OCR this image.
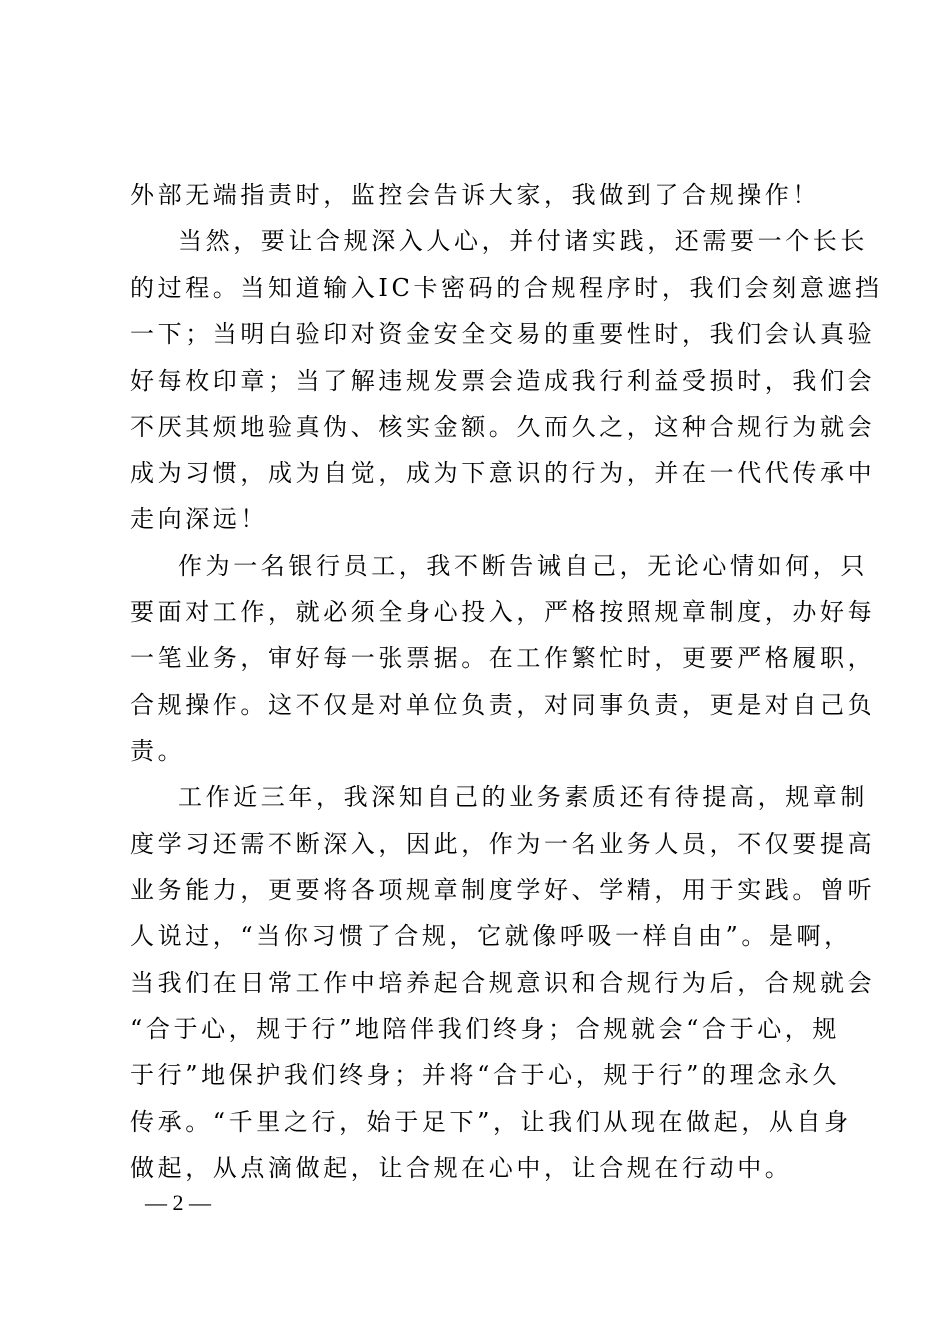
外部无端指责时，监控会告诉大家，我做到了合规操作！
当然，要让合规深入人心，并付诸实践，还需要一个长长
的过程。当知道输入IC卡密码的合规程序时，我们会刻意遮挡
一下；当明白验印对资金安全交易的重要性时，我们会认真验
好每枚印章；当了解违规发票会造成我行利益受损时，我们会
不厌其烦地验真伪、核实金额。久而久之，这种合规行为就会
成为习惯，成为自觉，成为下意识的行为，并在一代代传承中
走向深远！
作为一名银行员工，我不断告诫自己，无论心情如何，只
要面对工作，就必须全身心投入，严格按照规章制度，办好每
一笔业务，审好每一张票据。在工作繁忙时，更要严格履职，
合规操作。这不仅是对单位负责，对同事负责，更是对自己负
责。
工作近三年，我深知自己的业务素质还有待提高，规章制
度学习还需不断深入，因此，作为一名业务人员，不仅要提高
业务能力，更要将各项规章制度学好、学精，用于实践。曾听
人说过，“当你习惯了合规，它就像呼吸一样自由”。是啊，
当我们在日常工作中培养起合规意识和合规行为后，合规就会
“合于心，规于行”地陪伴我们终身；合规就会“合于心，规
于行”地保护我们终身；并将“合于心，规于行”的理念永久
传承。“千里之行，始于足下”，让我们从现在做起，从自身
做起，从点滴做起，让合规在心中，让合规在行动中。
— 2 —
